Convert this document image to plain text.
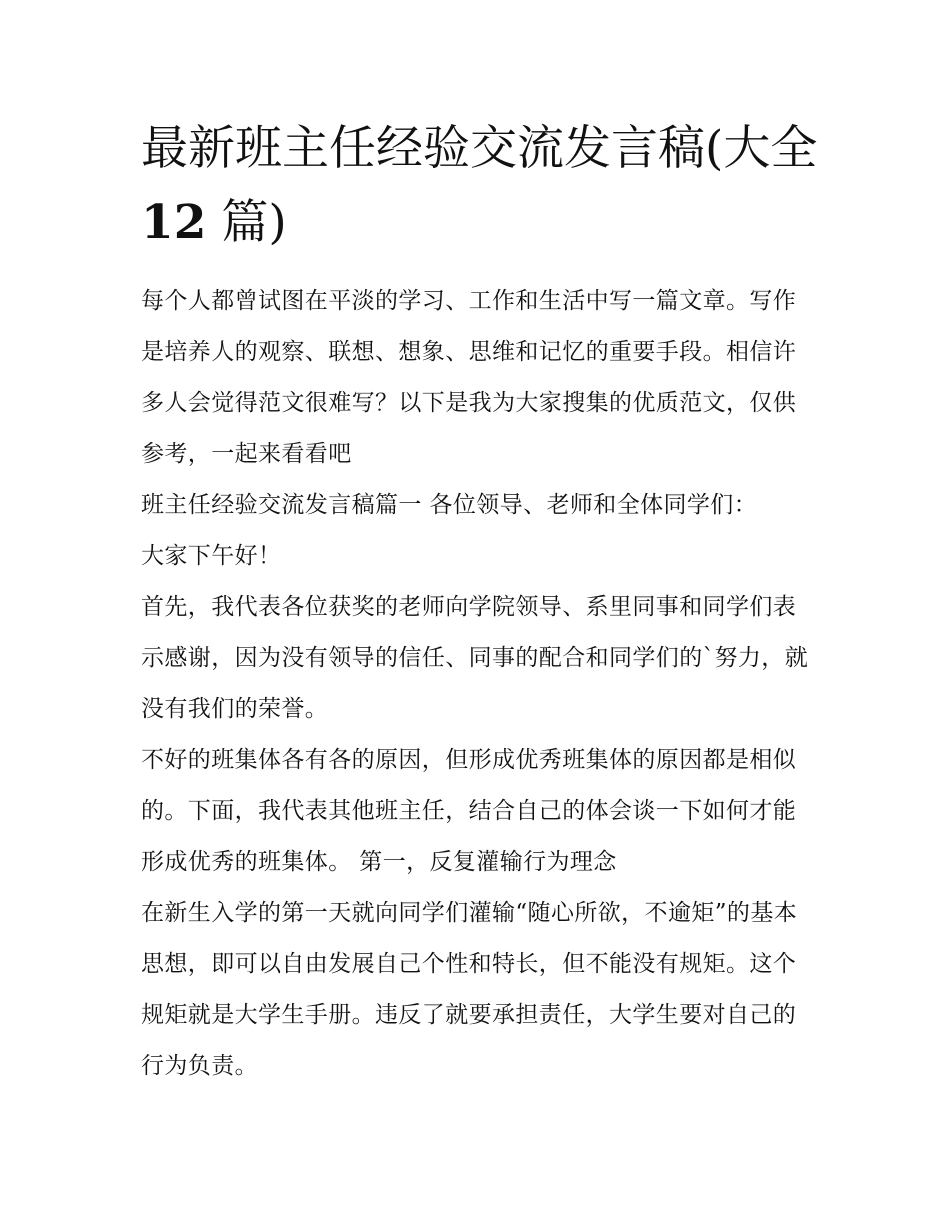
最新班主任经验交流发言稿(大全 12 篇)

每个人都曾试图在平淡的学习、工作和生活中写一篇文章。写作是培养人的观察、联想、想象、思维和记忆的重要手段。相信许多人会觉得范文很难写？以下是我为大家搜集的优质范文，仅供参考，一起来看看吧

班主任经验交流发言稿篇一 各位领导、老师和全体同学们：

大家下午好！

首先，我代表各位获奖的老师向学院领导、系里同事和同学们表示感谢，因为没有领导的信任、同事的配合和同学们的`努力，就没有我们的荣誉。

不好的班集体各有各的原因，但形成优秀班集体的原因都是相似的。下面，我代表其他班主任，结合自己的体会谈一下如何才能形成优秀的班集体。 第一，反复灌输行为理念

在新生入学的第一天就向同学们灌输“随心所欲，不逾矩”的基本思想，即可以自由发展自己个性和特长，但不能没有规矩。这个规矩就是大学生手册。违反了就要承担责任，大学生要对自己的行为负责。
